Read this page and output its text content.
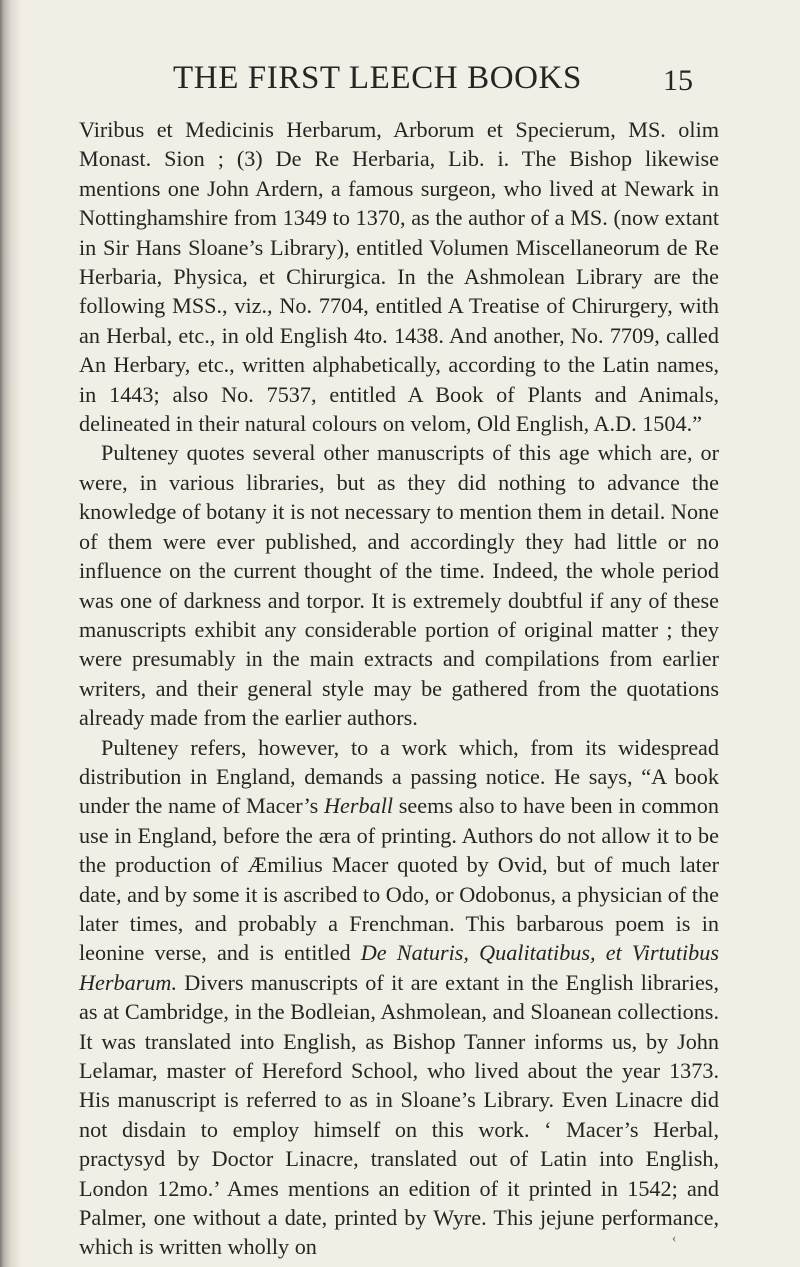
THE FIRST LEECH BOOKS	15

Viribus et Medicinis Herbarum, Arborum et Specierum, MS. olim Monast. Sion ; (3) De Re Herbaria, Lib. i. The Bishop likewise mentions one John Ardern, a famous surgeon, who lived at Newark in Nottinghamshire from 1349 to 1370, as the author of a MS. (now extant in Sir Hans Sloane’s Library), entitled Volumen Miscellaneorum de Re Herbaria, Physica, et Chirurgica. In the Ashmolean Library are the following MSS., viz., No. 7704, entitled A Treatise of Chirurgery, with an Herbal, etc., in old English 4to. 1438. And another, No. 7709, called An Herbary, etc., written alphabetically, according to the Latin names, in 1443; also No. 7537, entitled A Book of Plants and Animals, delineated in their natural colours on velom, Old English, A.D. 1504.”

Pulteney quotes several other manuscripts of this age which are, or were, in various libraries, but as they did nothing to advance the knowledge of botany it is not necessary to mention them in detail. None of them were ever published, and accordingly they had little or no influence on the current thought of the time. Indeed, the whole period was one of darkness and torpor. It is extremely doubtful if any of these manuscripts exhibit any considerable portion of original matter ; they were presumably in the main extracts and compilations from earlier writers, and their general style may be gathered from the quotations already made from the earlier authors.

Pulteney refers, however, to a work which, from its widespread distribution in England, demands a passing notice. He says, “A book under the name of Macer’s Herball seems also to have been in common use in England, before the æra of printing. Authors do not allow it to be the production of Æmilius Macer quoted by Ovid, but of much later date, and by some it is ascribed to Odo, or Odobonus, a physician of the later times, and probably a Frenchman. This barbarous poem is in leonine verse, and is entitled De Naturis, Qualitatibus, et Virtutibus Herbarum. Divers manuscripts of it are extant in the English libraries, as at Cambridge, in the Bodleian, Ashmolean, and Sloanean collections. It was translated into English, as Bishop Tanner informs us, by John Lelamar, master of Hereford School, who lived about the year 1373. His manuscript is referred to as in Sloane’s Library. Even Linacre did not disdain to employ himself on this work. ‘ Macer’s Herbal, practysyd by Doctor Linacre, translated out of Latin into English, London 12mo.’ Ames mentions an edition of it printed in 1542; and Palmer, one without a date, printed by Wyre. This jejune performance, which is written wholly on	‹
